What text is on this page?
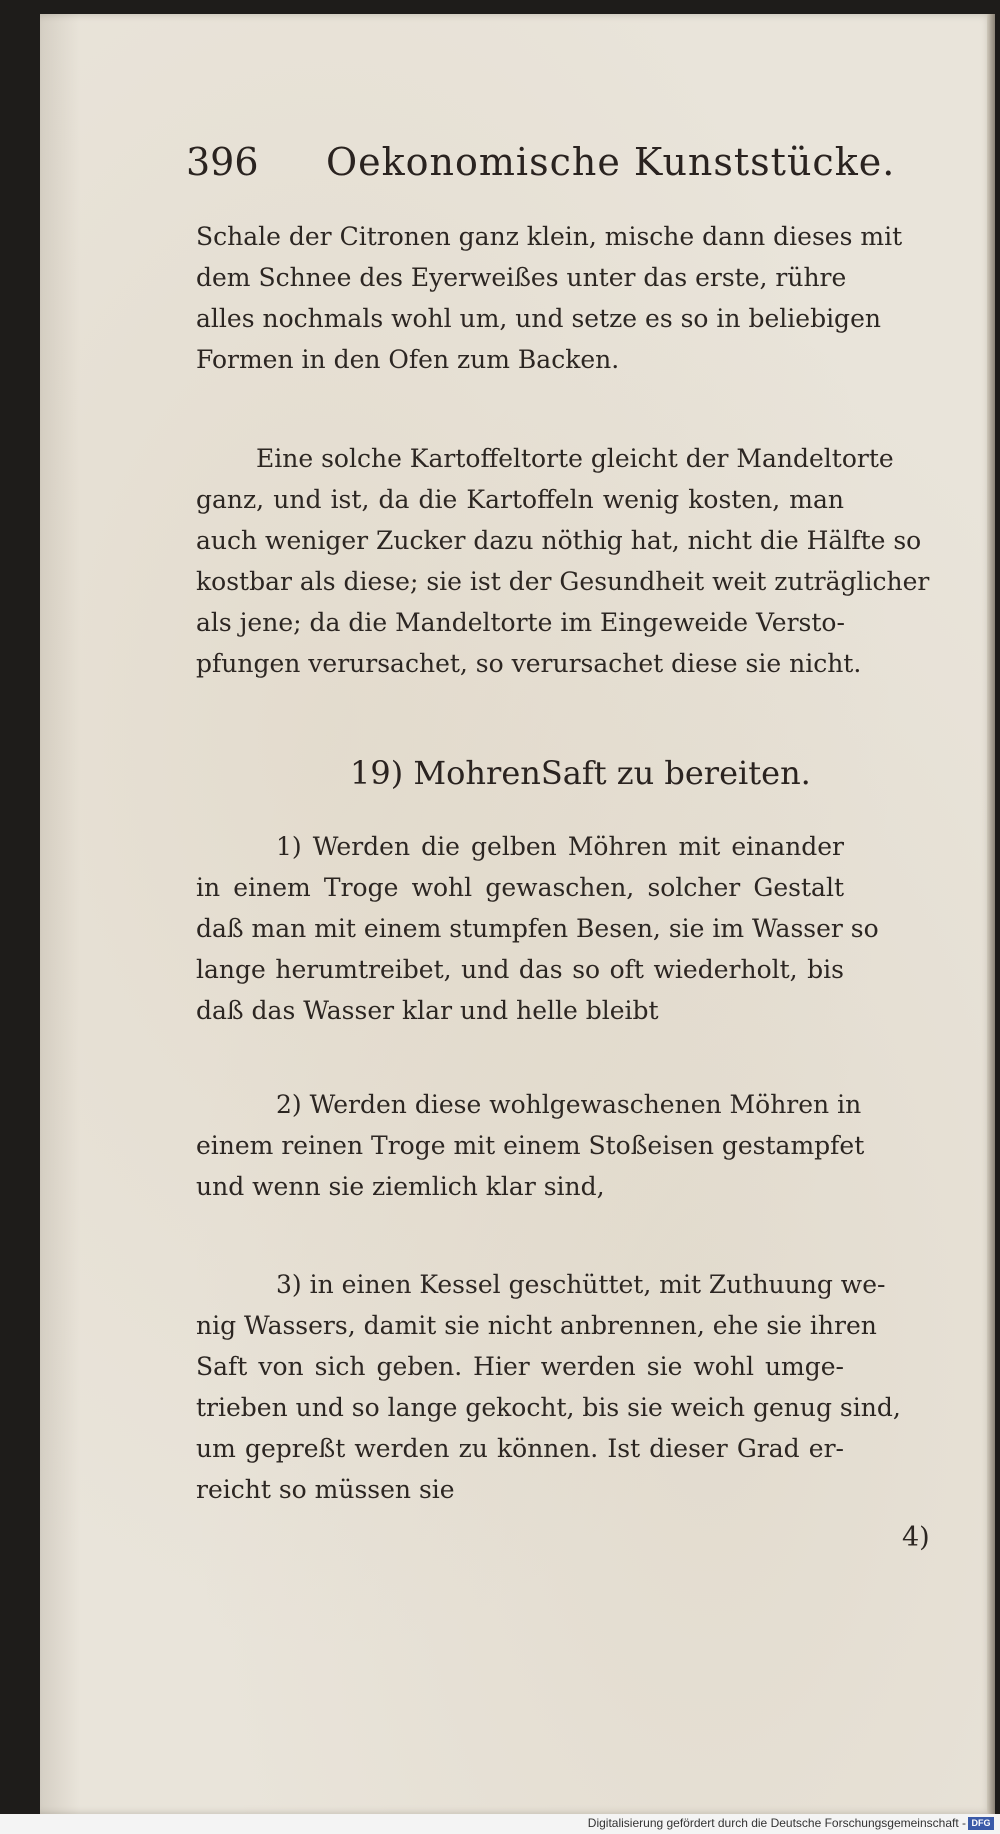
396 Oekonomische Kunststücke.
Schale der Citronen ganz klein, mische dann dieses mit
dem Schnee des Eyerweißes unter das erste, rühre
alles nochmals wohl um, und setze es so in beliebigen
Formen in den Ofen zum Backen.
Eine solche Kartoffeltorte gleicht der Mandeltorte
ganz, und ist, da die Kartoffeln wenig kosten, man
auch weniger Zucker dazu nöthig hat, nicht die Hälfte so
kostbar als diese; sie ist der Gesundheit weit zuträglicher
als jene; da die Mandeltorte im Eingeweide Versto-
pfungen verursachet, so verursachet diese sie nicht.
19) MohrenSaft zu bereiten.
1) Werden die gelben Möhren mit einander
in einem Troge wohl gewaschen, solcher Gestalt
daß man mit einem stumpfen Besen, sie im Wasser so
lange herumtreibet, und das so oft wiederholt, bis
daß das Wasser klar und helle bleibt
2) Werden diese wohlgewaschenen Möhren in
einem reinen Troge mit einem Stoßeisen gestampfet
und wenn sie ziemlich klar sind,
3) in einen Kessel geschüttet, mit Zuthuung we-
nig Wassers, damit sie nicht anbrennen, ehe sie ihren
Saft von sich geben. Hier werden sie wohl umge-
trieben und so lange gekocht, bis sie weich genug sind,
um gepreßt werden zu können. Ist dieser Grad er-
reicht so müssen sie
4)
Digitalisierung gefördert durch die Deutsche Forschungsgemeinschaft - DFG
